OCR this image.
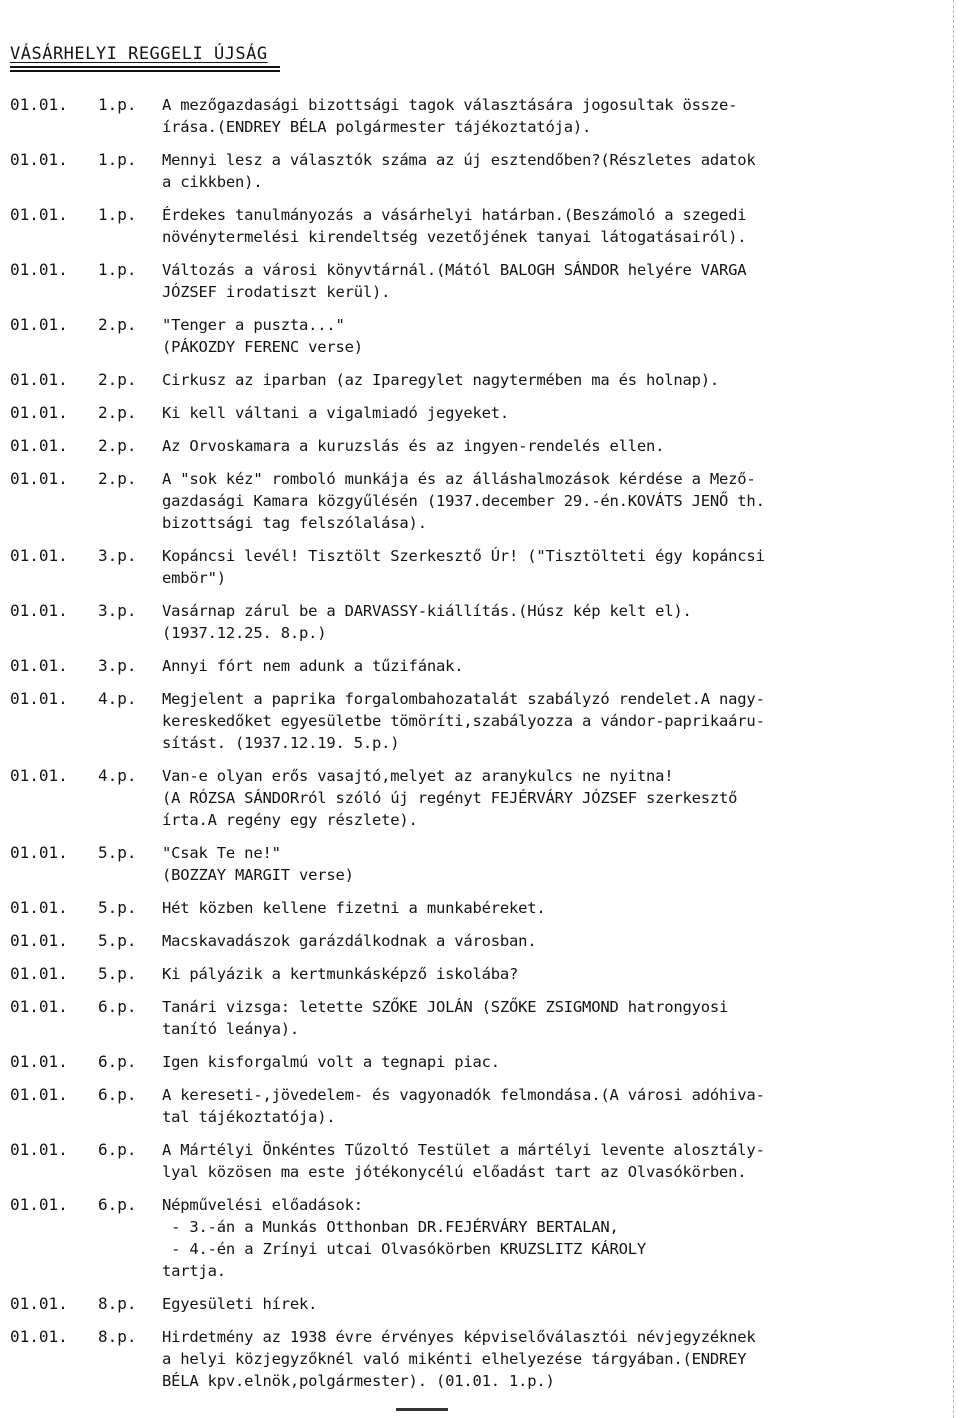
VÁSÁRHELYI REGGELI ÚJSÁG
01.01.	1.p.	A mezőgazdasági bizottsági tagok választására jogosultak össze-
írása.(ENDREY BÉLA polgármester tájékoztatója).
01.01.	1.p.	Mennyi lesz a választók száma az új esztendőben?(Részletes adatok
a cikkben).
01.01.	1.p.	Érdekes tanulmányozás a vásárhelyi határban.(Beszámoló a szegedi
növénytermelési kirendeltség vezetőjének tanyai látogatásairól).
01.01.	1.p.	Változás a városi könyvtárnál.(Mától BALOGH SÁNDOR helyére VARGA
JÓZSEF irodatiszt kerül).
01.01.	2.p.	"Tenger a puszta..."
(PÁKOZDY FERENC verse)
01.01.	2.p.	Cirkusz az iparban (az Iparegylet nagytermében ma és holnap).
01.01.	2.p.	Ki kell váltani a vigalmiadó jegyeket.
01.01.	2.p.	Az Orvoskamara a kuruzslás és az ingyen-rendelés ellen.
01.01.	2.p.	A "sok kéz" romboló munkája és az álláshalmozások kérdése a Mező-
gazdasági Kamara közgyűlésén (1937.december 29.-én.KOVÁTS JENŐ th.
bizottsági tag felszólalása).
01.01.	3.p.	Kopáncsi levél! Tisztölt Szerkesztő Úr! ("Tisztölteti égy kopáncsi
embör")
01.01.	3.p.	Vasárnap zárul be a DARVASSY-kiállítás.(Húsz kép kelt el).
(1937.12.25. 8.p.)
01.01.	3.p.	Annyi fórt nem adunk a tűzifának.
01.01.	4.p.	Megjelent a paprika forgalombahozatalát szabályzó rendelet.A nagy-
kereskedőket egyesületbe tömöríti,szabályozza a vándor-paprikaáru-
sítást. (1937.12.19. 5.p.)
01.01.	4.p.	Van-e olyan erős vasajtó,melyet az aranykulcs ne nyitna!
(A RÓZSA SÁNDORról szóló új regényt FEJÉRVÁRY JÓZSEF szerkesztő
írta.A regény egy részlete).
01.01.	5.p.	"Csak Te ne!"
(BOZZAY MARGIT verse)
01.01.	5.p.	Hét közben kellene fizetni a munkabéreket.
01.01.	5.p.	Macskavadászok garázdálkodnak a városban.
01.01.	5.p.	Ki pályázik a kertmunkásképző iskolába?
01.01.	6.p.	Tanári vizsga: letette SZŐKE JOLÁN (SZŐKE ZSIGMOND hatrongyosi
tanító leánya).
01.01.	6.p.	Igen kisforgalmú volt a tegnapi piac.
01.01.	6.p.	A kereseti-,jövedelem- és vagyonadók felmondása.(A városi adóhiva-
tal tájékoztatója).
01.01.	6.p.	A Mártélyi Önkéntes Tűzoltó Testület a mártélyi levente alosztály-
lyal közösen ma este jótékonycélú előadást tart az Olvasókörben.
01.01.	6.p.	Népművelési előadások:
- 3.-án a Munkás Otthonban DR.FEJÉRVÁRY BERTALAN,
- 4.-én a Zrínyi utcai Olvasókörben KRUZSLITZ KÁROLY
tartja.
01.01.	8.p.	Egyesületi hírek.
01.01.	8.p.	Hirdetmény az 1938 évre érvényes képviselőválasztói névjegyzéknek
a helyi közjegyzőknél való mikénti elhelyezése tárgyában.(ENDREY
BÉLA kpv.elnök,polgármester). (01.01. 1.p.)
